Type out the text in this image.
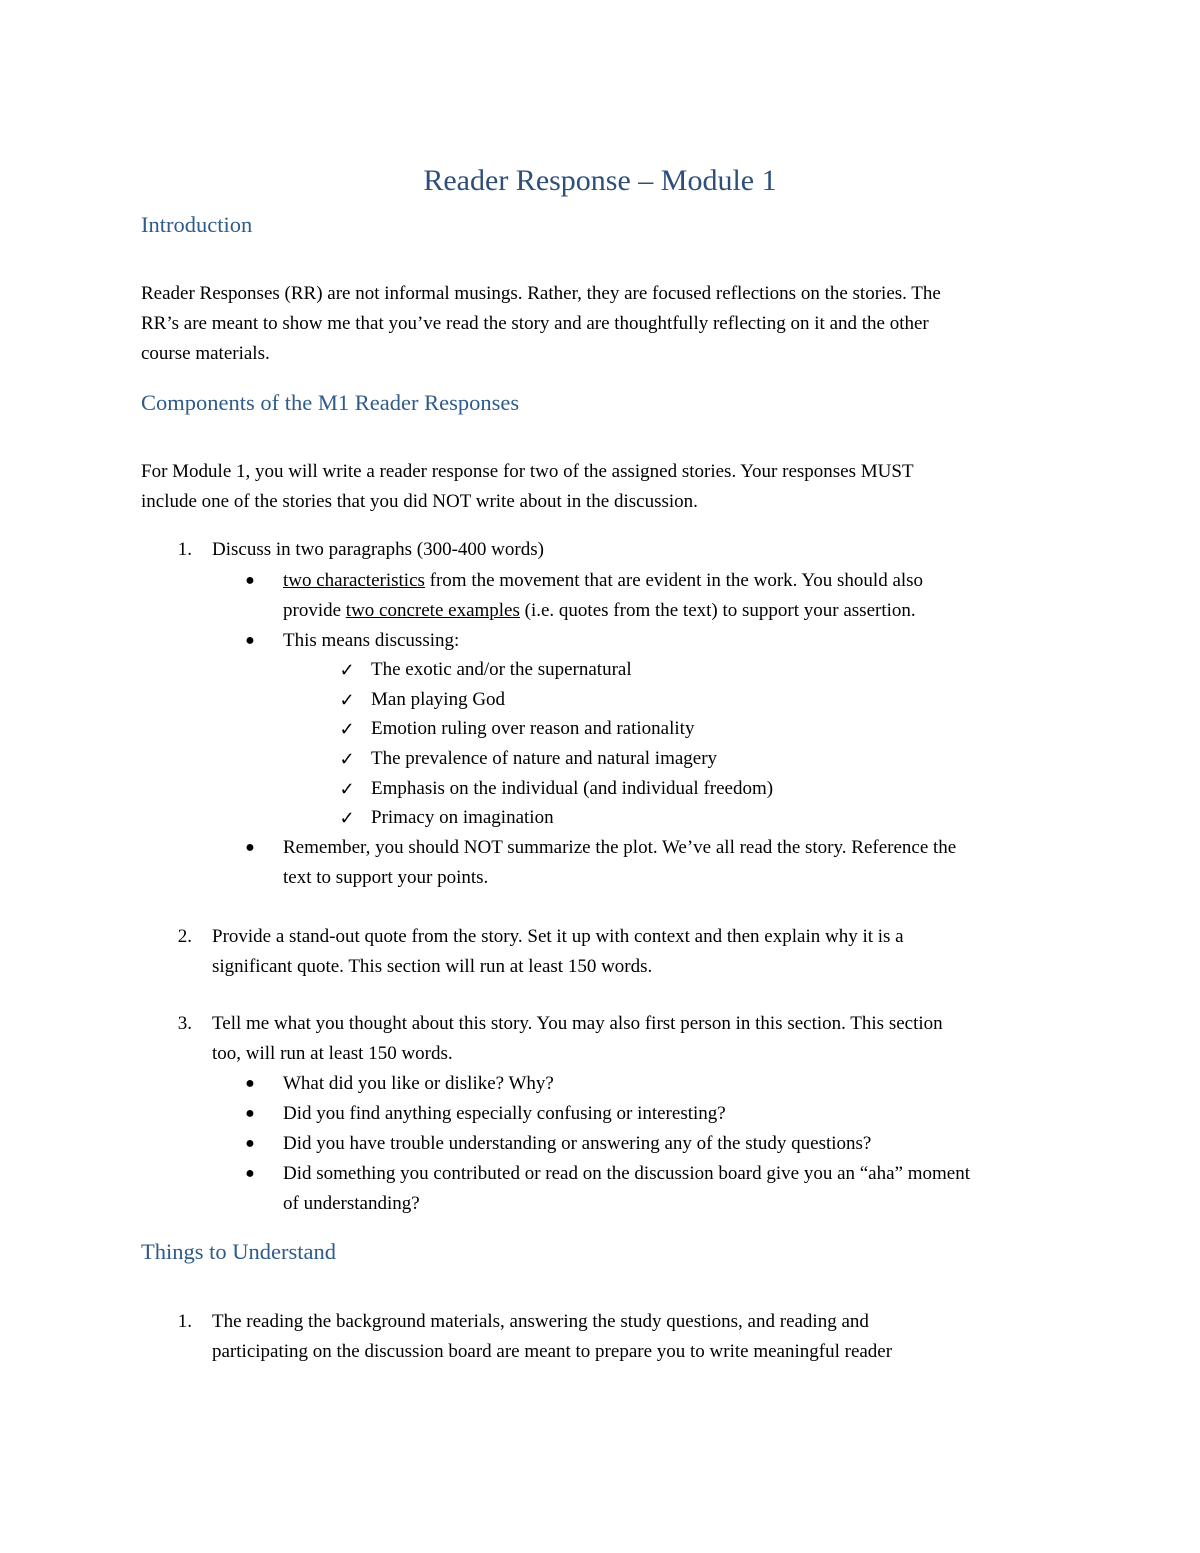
Reader Response – Module 1
Introduction
Reader Responses (RR) are not informal musings. Rather, they are focused reflections on the stories. The
RR’s are meant to show me that you’ve read the story and are thoughtfully reflecting on it and the other
course materials.
Components of the M1 Reader Responses
For Module 1, you will write a reader response for two of the assigned stories. Your responses MUST
include one of the stories that you did NOT write about in the discussion.
1. Discuss in two paragraphs (300-400 words)
● two characteristics from the movement that are evident in the work. You should also
provide two concrete examples (i.e. quotes from the text) to support your assertion.
● This means discussing:
✓ The exotic and/or the supernatural
✓ Man playing God
✓ Emotion ruling over reason and rationality
✓ The prevalence of nature and natural imagery
✓ Emphasis on the individual (and individual freedom)
✓ Primacy on imagination
● Remember, you should NOT summarize the plot. We’ve all read the story. Reference the
text to support your points.
2. Provide a stand-out quote from the story. Set it up with context and then explain why it is a
significant quote. This section will run at least 150 words.
3. Tell me what you thought about this story. You may also first person in this section. This section
too, will run at least 150 words.
● What did you like or dislike? Why?
● Did you find anything especially confusing or interesting?
● Did you have trouble understanding or answering any of the study questions?
● Did something you contributed or read on the discussion board give you an “aha” moment
of understanding?
Things to Understand
1. The reading the background materials, answering the study questions, and reading and
participating on the discussion board are meant to prepare you to write meaningful reader
